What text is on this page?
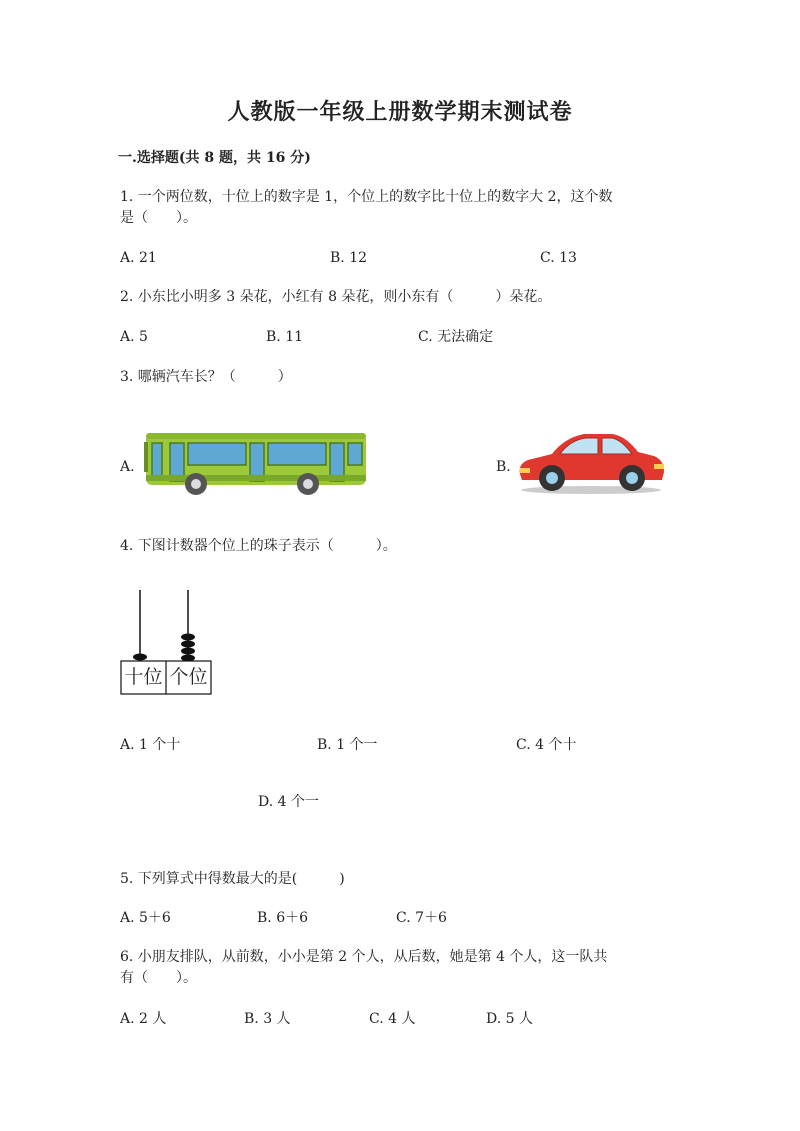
人教版一年级上册数学期末测试卷
一.选择题(共 8 题，共 16 分)
1. 一个两位数，十位上的数字是 1，个位上的数字比十位上的数字大 2，这个数
是（　　）。
A. 21	B. 12	C. 13
2. 小东比小明多 3 朵花，小红有 8 朵花，则小东有（　　　）朵花。
A. 5	B. 11	C. 无法确定
3. 哪辆汽车长？（　　　）
A.	B.
4. 下图计数器个位上的珠子表示（　　　）。
十位 个位
A. 1 个十	B. 1 个一	C. 4 个十
D. 4 个一
5. 下列算式中得数最大的是(　　　)
A. 5＋6	B. 6＋6	C. 7＋6
6. 小朋友排队，从前数，小小是第 2 个人，从后数，她是第 4 个人，这一队共
有（　　）。
A. 2 人	B. 3 人	C. 4 人	D. 5 人
